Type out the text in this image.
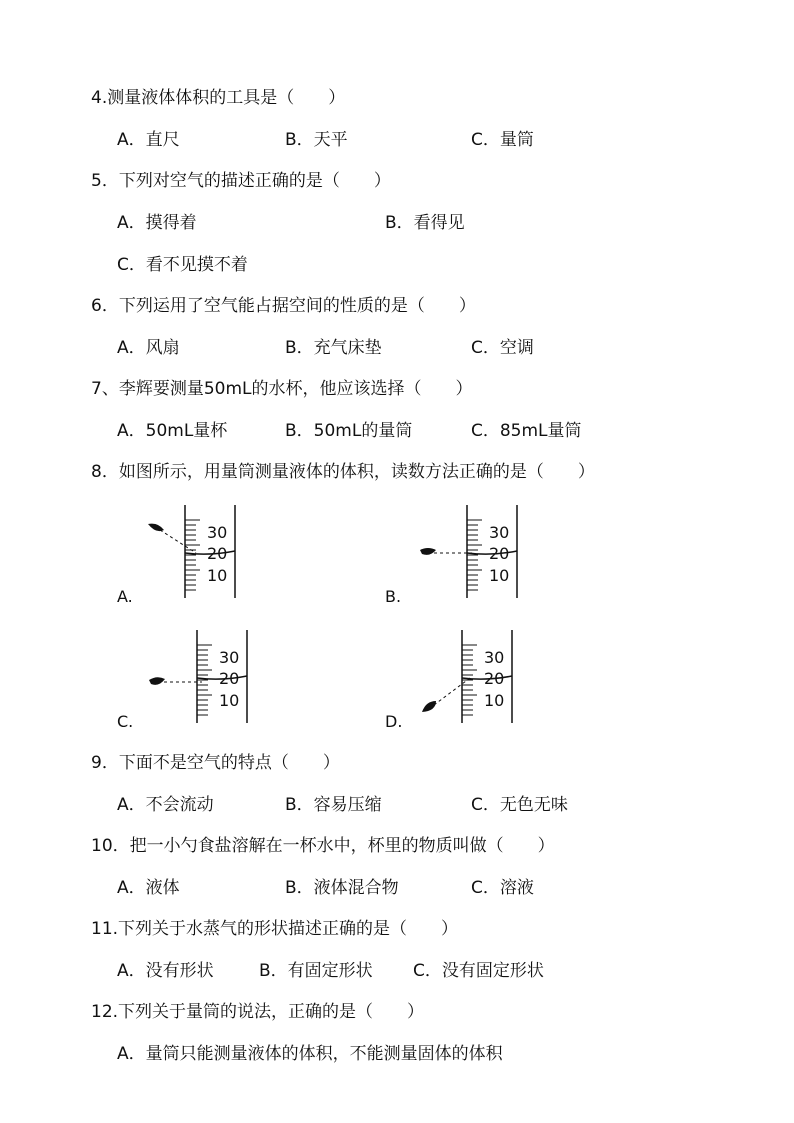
4.测量液体体积的工具是（　　）
A．直尺	B．天平	C．量筒
5．下列对空气的描述正确的是（　　）
A．摸得着	B．看得见
C．看不见摸不着
6．下列运用了空气能占据空间的性质的是（　　）
A．风扇	B．充气床垫	C．空调
7、李辉要测量50mL的水杯，他应该选择（　　）
A．50mL量杯	B．50mL的量筒	C．85mL量筒
8．如图所示，用量筒测量液体的体积，读数方法正确的是（　　）
30
20
10
A.
30
20
10
B.
30
20
10
C.
30
20
10
D.
9．下面不是空气的特点（　　）
A．不会流动	B．容易压缩	C．无色无味
10．把一小勺食盐溶解在一杯水中，杯里的物质叫做（　　）
A．液体	B．液体混合物	C．溶液
11.下列关于水蒸气的形状描述正确的是（　　）
A．没有形状	B．有固定形状 C．没有固定形状
12.下列关于量筒的说法，正确的是（　　）
A．量筒只能测量液体的体积，不能测量固体的体积
